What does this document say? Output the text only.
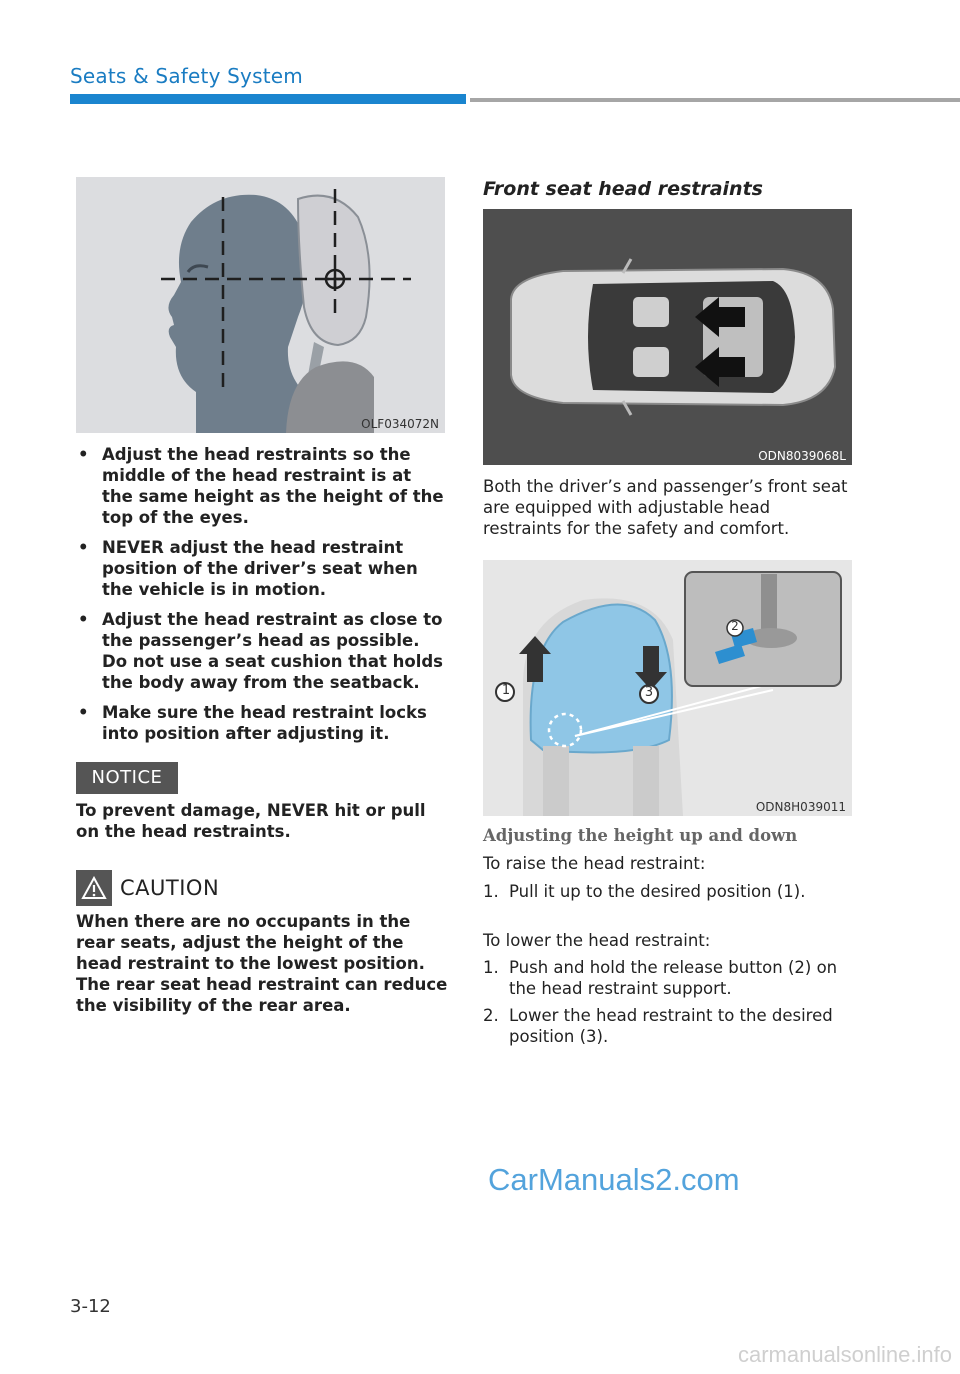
Seats & Safety System
OLF034072N
• Adjust the head restraints so the middle of the head restraint is at the same height as the height of the top of the eyes.
• NEVER adjust the head restraint position of the driver’s seat when the vehicle is in motion.
• Adjust the head restraint as close to the passenger’s head as possible. Do not use a seat cushion that holds the body away from the seatback.
• Make sure the head restraint locks into position after adjusting it.
NOTICE
To prevent damage, NEVER hit or pull on the head restraints.
CAUTION
When there are no occupants in the rear seats, adjust the height of the head restraint to the lowest position. The rear seat head restraint can reduce the visibility of the rear area.
Front seat head restraints
ODN8039068L
Both the driver’s and passenger’s front seat are equipped with adjustable head restraints for the safety and comfort.
1
2
3
ODN8H039011
Adjusting the height up and down
To raise the head restraint:
1. Pull it up to the desired position (1).
To lower the head restraint:
1. Push and hold the release button (2) on the head restraint support.
2. Lower the head restraint to the desired position (3).
CarManuals2.com
3-12
carmanualsonline.info
